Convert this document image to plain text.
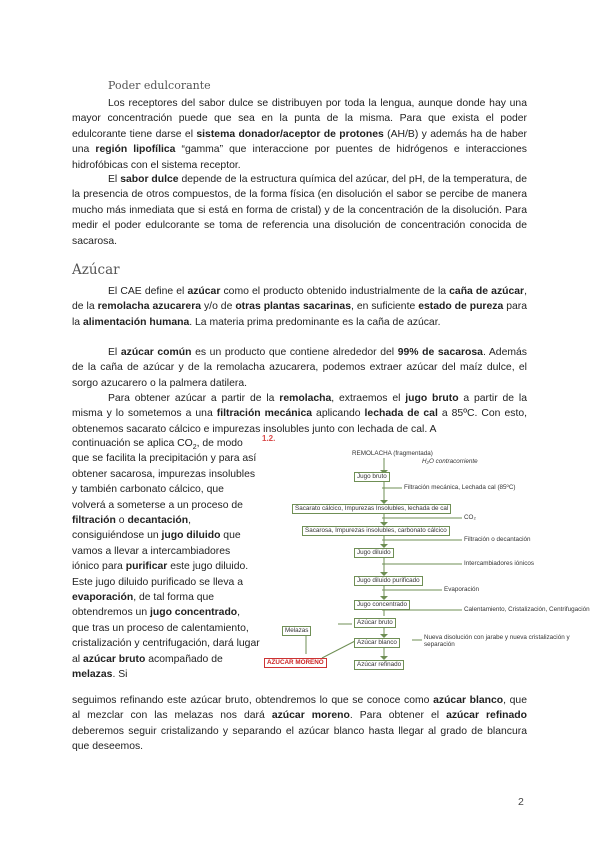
Poder edulcorante

Los receptores del sabor dulce se distribuyen por toda la lengua, aunque donde hay una mayor concentración puede que sea en la punta de la misma. Para que exista el poder edulcorante tiene darse el sistema donador/aceptor de protones (AH/B) y además ha de haber una región lipofílica “gamma” que interaccione por puentes de hidrógenos e interacciones hidrofóbicas con el sistema receptor.

El sabor dulce depende de la estructura química del azúcar, del pH, de la temperatura, de la presencia de otros compuestos, de la forma física (en disolución el sabor se percibe de manera mucho más inmediata que si está en forma de cristal) y de la concentración de la disolución. Para medir el poder edulcorante se toma de referencia una disolución de concentración conocida de sacarosa.

Azúcar

El CAE define el azúcar como el producto obtenido industrialmente de la caña de azúcar, de la remolacha azucarera y/o de otras plantas sacarinas, en suficiente estado de pureza para la alimentación humana. La materia prima predominante es la caña de azúcar.

El azúcar común es un producto que contiene alrededor del 99% de sacarosa. Además de la caña de azúcar y de la remolacha azucarera, podemos extraer azúcar del maíz dulce, el sorgo azucarero o la palmera datilera.

Para obtener azúcar a partir de la remolacha, extraemos el jugo bruto a partir de la misma y lo sometemos a una filtración mecánica aplicando lechada de cal a 85ºC. Con esto, obtenemos sacarato cálcico e impurezas insolubles junto con lechada de cal. A

continuación se aplica $CO_2$, de modo que se facilita la precipitación y para así obtener sacarosa, impurezas insolubles y también carbonato cálcico, que volverá a someterse a un proceso de filtración o decantación, consiguiéndose un jugo diluido que vamos a llevar a intercambiadores iónico para purificar este jugo diluido. Este jugo diluido purificado se lleva a evaporación, de tal forma que obtendremos un jugo concentrado, que tras un proceso de calentamiento, cristalización y centrifugación, dará lugar al azúcar bruto acompañado de melazas. Si

seguimos refinando este azúcar bruto, obtendremos lo que se conoce como azúcar blanco, que al mezclar con las melazas nos dará azúcar moreno. Para obtener el azúcar refinado deberemos seguir cristalizando y separando el azúcar blanco hasta llegar al grado de blancura que deseemos.

1.2.
REMOLACHA (fragmentada)
H₂O contracorriente
Jugo bruto
Filtración mecánica, Lechada cal (85ºC)
Sacarato cálcico, Impurezas Insolubles, lechada de cal
CO₂
Sacarosa, Impurezas insolubles, carbonato cálcico
Filtración o decantación
Jugo diluido
Intercambiadores iónicos
Jugo diluido purificado
Evaporación
Jugo concentrado
Calentamiento, Cristalización, Centrifugación
Azúcar bruto
Melazas
Azúcar blanco
Nueva disolución con jarabe y nueva cristalización y separación
AZÚCAR MORENO	Azúcar refinado
2
